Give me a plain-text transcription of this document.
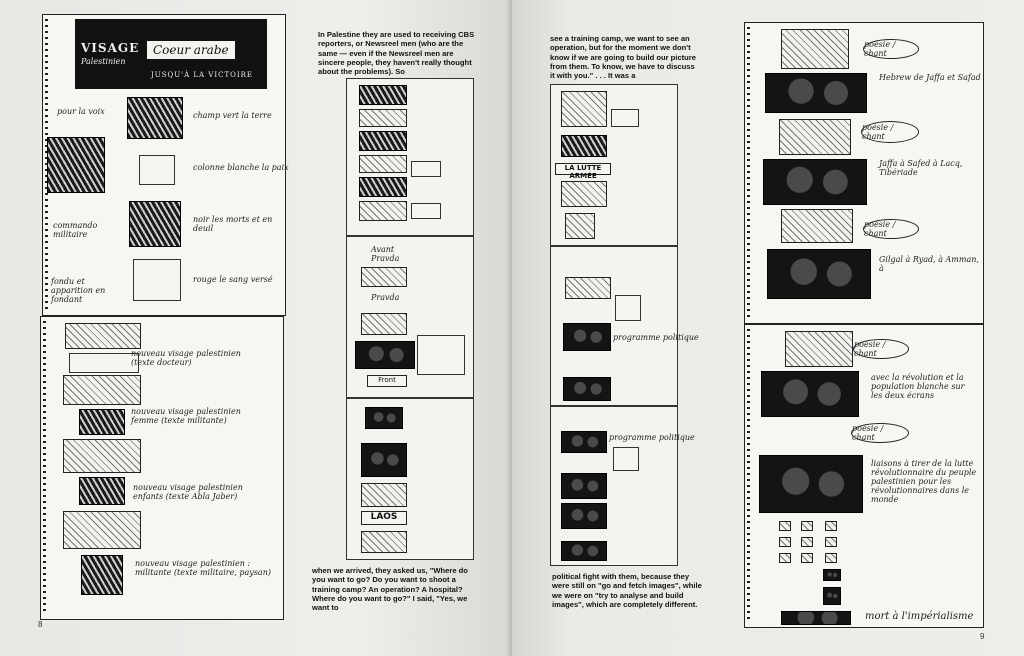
VISAGE
Palestinien
Coeur arabe
JUSQU'À LA VICTOIRE
pour la voix	champ vert la terre
colonne blanche la paix
commando militaire
noir les morts et en deuil
fondu et apparition en fondant
rouge le sang versé
nouveau visage palestinien (texte docteur)
nouveau visage palestinien femme (texte militante)
nouveau visage palestinien enfants (texte Abla Jaber)
nouveau visage palestinien : militante (texte militaire, paysan)
In Palestine they are used to receiving CBS reporters, or Newsreel men (who are the same — even if the Newsreel men are sincere people, they haven't really thought about the problems). So
Avant Pravda
Pravda
Front
LAOS
when we arrived, they asked us, "Where do you want to go? Do you want to shoot a training camp? An operation? A hospital? Where do you want to go?" I said, "Yes, we want to
8
see a training camp, we want to see an operation, but for the moment we don't know if we are going to build our picture from them. To know, we have to discuss it with you." . . . It was a
LA LUTTE ARMÉE
programme politique
programme politique
political fight with them, because they were still on "go and fetch images", while we were on "try to analyse and build images", which are completely different.
poésie / chant
poésie / chant
poésie / chant
Hebrew de Jaffa et Safad
Jaffa à Safed à Lacq, Tibériade
Gilgal à Ryad, à Amman, à
poésie / chant
poésie / chant
avec la révolution et la population blanche sur les deux écrans
liaisons à tirer de la lutte révolutionnaire du peuple palestinien pour les révolutionnaires dans le monde
mort à l'impérialisme
9
